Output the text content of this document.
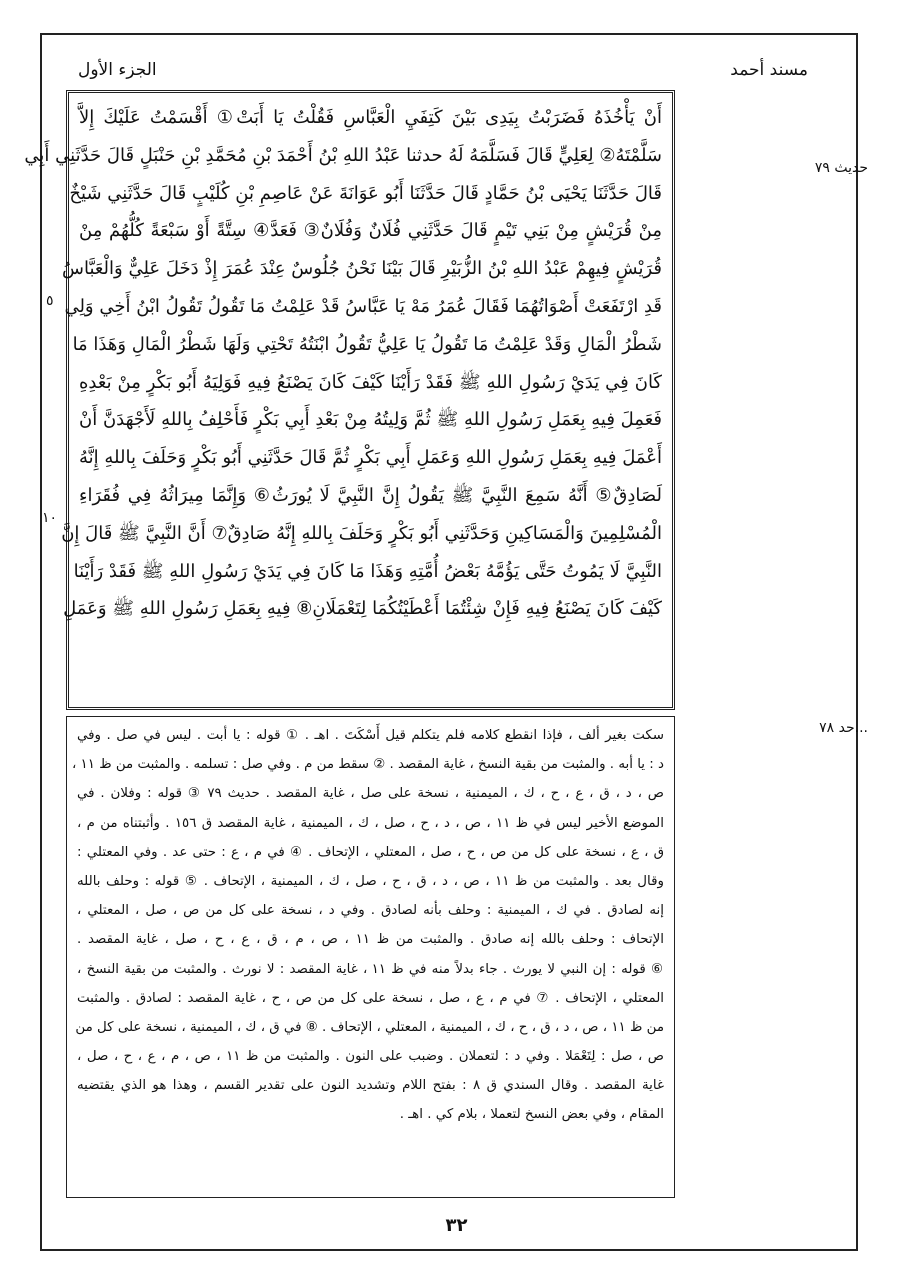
مسند أحمد
الجزء الأول
حديث ٧٩
...حد ٧٨
٥
١٠
أَنْ يَأْخُذَهُ فَضَرَبْتُ بِيَدِى بَيْنَ كَتِفَيِ الْعَبَّاسِ فَقُلْتُ يَا أَبَتْ① أَقْسَمْتُ عَلَيْكَ إِلاَّ
سَلَّمْتَهُ② لِعَلِيٍّ قَالَ فَسَلَّمَهُ لَهُ حدثنا عَبْدُ اللهِ بْنُ أَحْمَدَ بْنِ مُحَمَّدِ بْنِ حَنْبَلٍ قَالَ حَدَّثَنِي أَبِي
قَالَ حَدَّثَنَا يَحْيَى بْنُ حَمَّادٍ قَالَ حَدَّثَنَا أَبُو عَوَانَةَ عَنْ عَاصِمِ بْنِ كُلَيْبٍ قَالَ حَدَّثَنِي شَيْخٌ
مِنْ قُرَيْشٍ مِنْ بَنِي تَيْمٍ قَالَ حَدَّثَنِي فُلَانٌ وَفُلَانٌ③ فَعَدَّ④ سِتَّةً أَوْ سَبْعَةً كُلُّهُمْ مِنْ
قُرَيْشٍ فِيهِمْ عَبْدُ اللهِ بْنُ الزُّبَيْرِ قَالَ بَيْنَا نَحْنُ جُلُوسٌ عِنْدَ عُمَرَ إِذْ دَخَلَ عَلِيٌّ وَالْعَبَّاسُ
قَدِ ارْتَفَعَتْ أَصْوَاتُهُمَا فَقَالَ عُمَرُ مَهْ يَا عَبَّاسُ قَدْ عَلِمْتُ مَا تَقُولُ تَقُولُ ابْنُ أَخِي وَلِي
شَطْرُ الْمَالِ وَقَدْ عَلِمْتُ مَا تَقُولُ يَا عَلِيُّ تَقُولُ ابْنَتُهُ تَحْتِي وَلَهَا شَطْرُ الْمَالِ وَهَذَا مَا
كَانَ فِي يَدَيْ رَسُولِ اللهِ ﷺ فَقَدْ رَأَيْنَا كَيْفَ كَانَ يَصْنَعُ فِيهِ فَوَلِيَهُ أَبُو بَكْرٍ مِنْ بَعْدِهِ
فَعَمِلَ فِيهِ بِعَمَلِ رَسُولِ اللهِ ﷺ ثُمَّ وَلِيتُهُ مِنْ بَعْدِ أَبِي بَكْرٍ فَأَحْلِفُ بِاللهِ لَأَجْهَدَنَّ أَنْ
أَعْمَلَ فِيهِ بِعَمَلِ رَسُولِ اللهِ وَعَمَلِ أَبِي بَكْرٍ ثُمَّ قَالَ حَدَّثَنِي أَبُو بَكْرٍ وَحَلَفَ بِاللهِ إِنَّهُ
لَصَادِقٌ⑤ أَنَّهُ سَمِعَ النَّبِيَّ ﷺ يَقُولُ إِنَّ النَّبِيَّ لَا يُورَثُ⑥ وَإِنَّمَا مِيرَاثُهُ فِي فُقَرَاءِ
الْمُسْلِمِينَ وَالْمَسَاكِينِ وَحَدَّثَنِي أَبُو بَكْرٍ وَحَلَفَ بِاللهِ إِنَّهُ صَادِقٌ⑦ أَنَّ النَّبِيَّ ﷺ قَالَ إِنَّ
النَّبِيَّ لَا يَمُوتُ حَتَّى يَؤُمَّهُ بَعْضُ أُمَّتِهِ وَهَذَا مَا كَانَ فِي يَدَيْ رَسُولِ اللهِ ﷺ فَقَدْ رَأَيْنَا
كَيْفَ كَانَ يَصْنَعُ فِيهِ فَإِنْ شِئْتُمَا أَعْطَيْتُكُمَا لِتَعْمَلَانِ⑧ فِيهِ بِعَمَلِ رَسُولِ اللهِ ﷺ وَعَمَلِ
سكت بغير ألف ، فإذا انقطع كلامه فلم يتكلم قيل أَسْكَتَ . اهـ . ① قوله : يا أبت . ليس في صل . وفي
د : يا أبه . والمثبت من بقية النسخ ، غاية المقصد . ② سقط من م . وفي صل : تسلمه . والمثبت من ظ ١١ ،
ص ، د ، ق ، ع ، ح ، ك ، الميمنية ، نسخة على صل ، غاية المقصد . حديث ٧٩ ③ قوله : وفلان . في
الموضع الأخير ليس في ظ ١١ ، ص ، د ، ح ، صل ، ك ، الميمنية ، غاية المقصد ق ١٥٦ . وأثبتناه من م ،
ق ، ع ، نسخة على كل من ص ، ح ، صل ، المعتلي ، الإتحاف . ④ في م ، ع : حتى عد . وفي المعتلي :
وقال بعد . والمثبت من ظ ١١ ، ص ، د ، ق ، ح ، صل ، ك ، الميمنية ، الإتحاف . ⑤ قوله : وحلف بالله
إنه لصادق . في ك ، الميمنية : وحلف بأنه لصادق . وفي د ، نسخة على كل من ص ، صل ، المعتلي ،
الإتحاف : وحلف بالله إنه صادق . والمثبت من ظ ١١ ، ص ، م ، ق ، ع ، ح ، صل ، غاية المقصد .
⑥ قوله : إن النبي لا يورث . جاء بدلاً منه في ظ ١١ ، غاية المقصد : لا نورث . والمثبت من بقية النسخ ،
المعتلي ، الإتحاف . ⑦ في م ، ع ، صل ، نسخة على كل من ص ، ح ، غاية المقصد : لصادق . والمثبت
من ظ ١١ ، ص ، د ، ق ، ح ، ك ، الميمنية ، المعتلي ، الإتحاف . ⑧ في ق ، ك ، الميمنية ، نسخة على كل من
ص ، صل : لِتَعْمَلا . وفي د : لتعملان . وضبب على النون . والمثبت من ظ ١١ ، ص ، م ، ع ، ح ، صل ،
غاية المقصد . وقال السندي ق ٨ : بفتح اللام وتشديد النون على تقدير القسم ، وهذا هو الذي يقتضيه
المقام ، وفي بعض النسخ لتعملا ، بلام كي . اهـ .
٣٢
